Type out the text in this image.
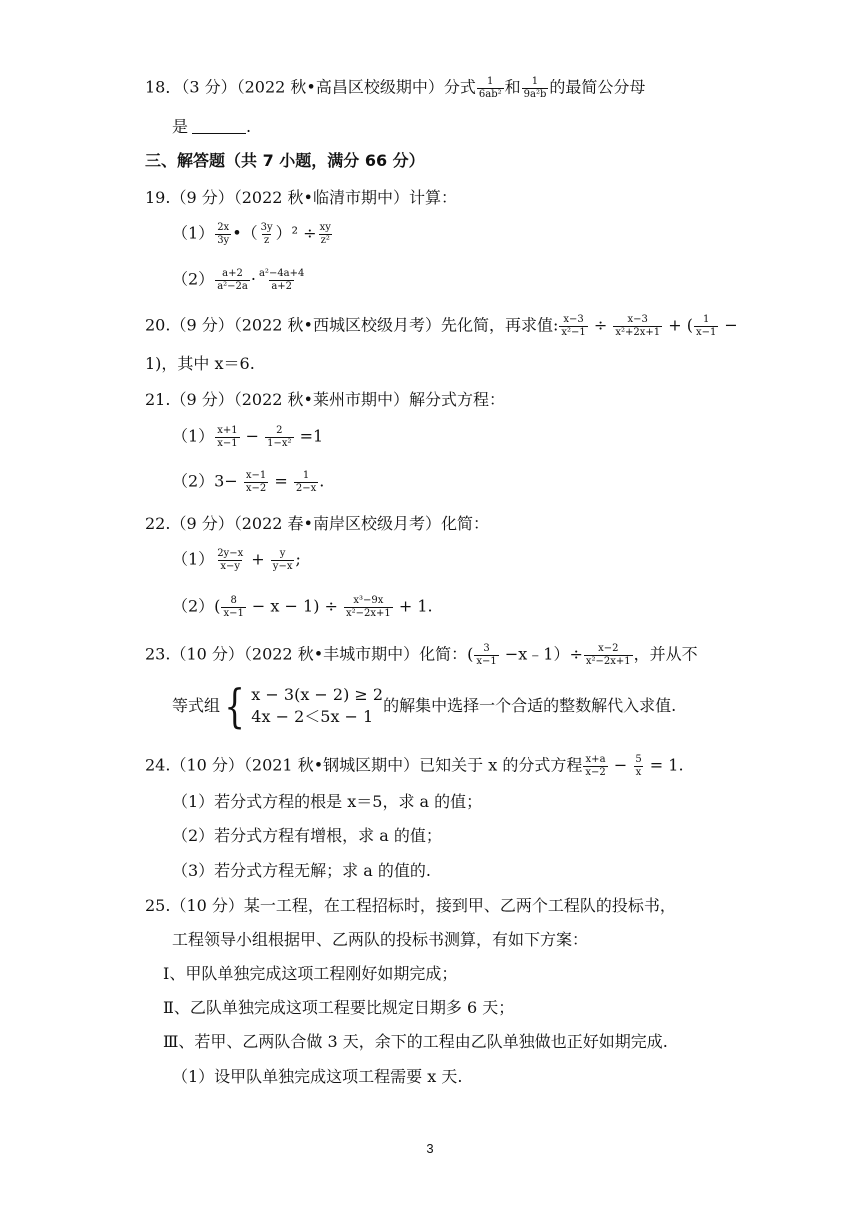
18．（3 分）（2022 秋•高昌区校级期中）分式 $\frac{1}{\text{6ab²}}$ 和 $\frac{1}{\text{9a²b}}$ 的最简公分母
是	.
三、解答题（共 7 小题，满分 66 分）
19.（9 分）（2022 秋•临清市期中）计算：
$(1) \frac{2x}{3y}$ •（ $\frac{3y}{z} )^2 \div \frac{xy}{\text{z²}}$
$(2) \frac{a+2}{\text{a²−2a}} \cdot \frac{\text{a²−4a+4}}{a+2}$
20.（9 分）（2022 秋•西城区校级月考）先化简，再求值: $\frac{x-3}{\text{x²−1}} \div \frac{x-3}{\text{x²+2x+1}}$ + ( $\frac{1}{x-1}$ −
1)，其中 x＝6.
21.（9 分）（2022 秋•莱州市期中）解分式方程：
$(1) \frac{x+1}{x-1} - \frac{2}{\text{1−x²}} =1$
$(2)3- \frac{x-1}{x-2} = \frac{1}{2-x}$ .
22.（9 分）（2022 春•南岸区校级月考）化简：
$(1) \frac{2y-x}{x-y} + \frac{y}{y-x}$ ;
$(2)( \frac{8}{x-1} - x - 1) \div \frac{\text{x³−9x}}{\text{x²−2x+1}} + 1$.
23.（10 分）（2022 秋•丰城市期中）化简：( $\frac{3}{x-1}$ −x﹣1）÷ $\frac{x-2}{\text{x²−2x+1}}$ ，并从不
等式组 { x − 3(x − 2) ≥ 2
4x − 2＜5x − 1
的解集中选择一个合适的整数解代入求值.
24.（10 分）（2021 秋•钢城区期中）已知关于 x 的分式方程 $\frac{x+a}{x-2} - \frac{5}{x} = 1$.
（1）若分式方程的根是 x＝5，求 a 的值；
（2）若分式方程有增根，求 a 的值；
（3）若分式方程无解；求 a 的值的.
25.（10 分）某一工程，在工程招标时，接到甲、乙两个工程队的投标书，
工程领导小组根据甲、乙两队的投标书测算，有如下方案：
Ⅰ、甲队单独完成这项工程刚好如期完成；
Ⅱ、乙队单独完成这项工程要比规定日期多 6 天；
Ⅲ、若甲、乙两队合做 3 天，余下的工程由乙队单独做也正好如期完成.
（1）设甲队单独完成这项工程需要 x 天.
3
